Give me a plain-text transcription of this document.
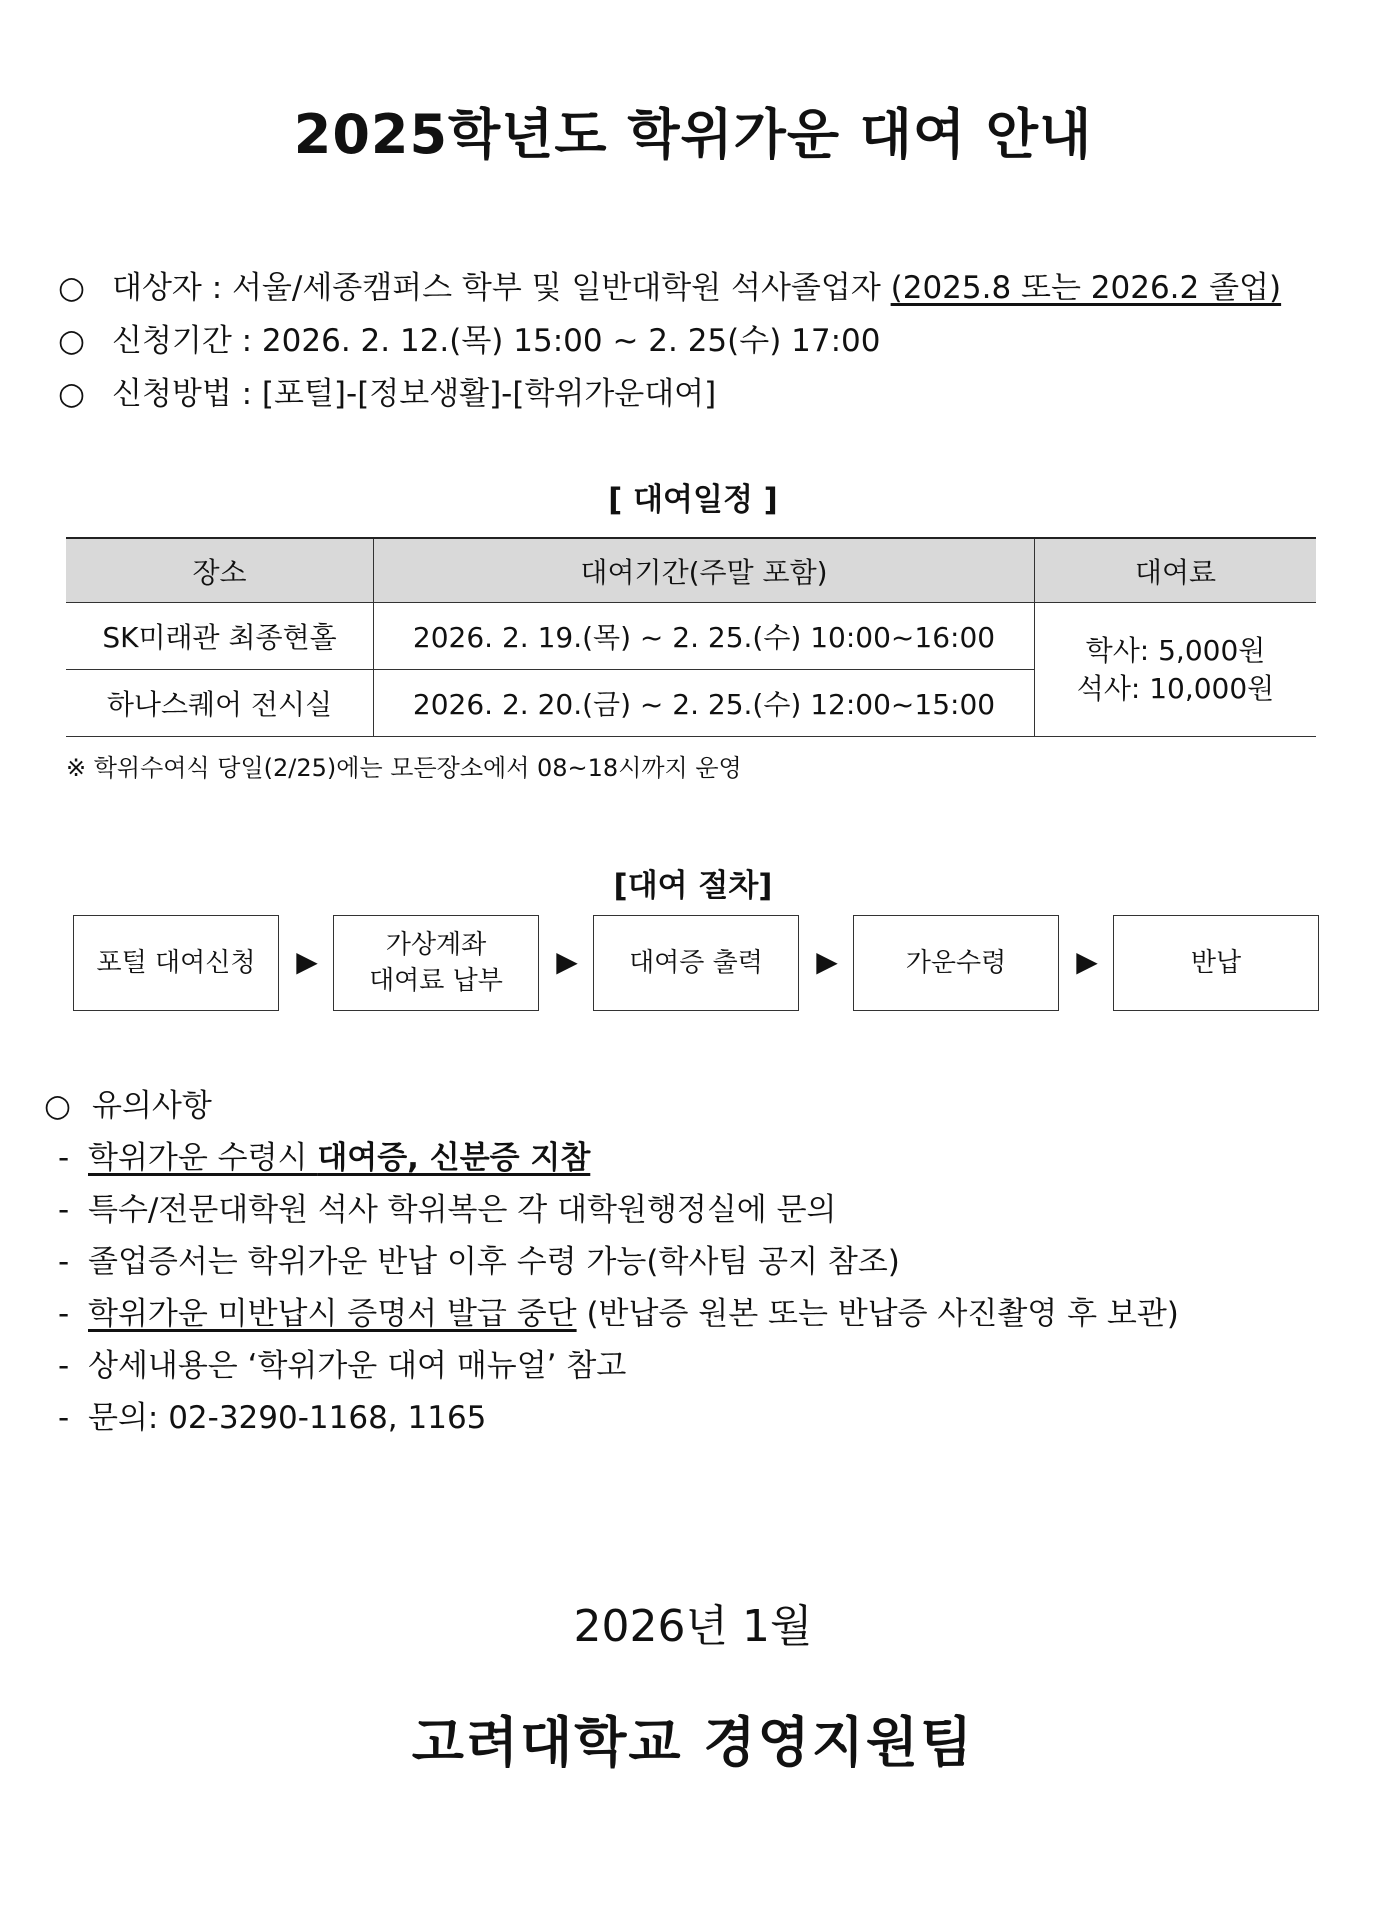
2025학년도 학위가운 대여 안내
○ 대상자 : 서울/세종캠퍼스 학부 및 일반대학원 석사졸업자 (2025.8 또는 2026.2 졸업)
○ 신청기간 : 2026. 2. 12.(목) 15:00 ~ 2. 25(수) 17:00
○ 신청방법 : [포털]-[정보생활]-[학위가운대여]
[ 대여일정 ]
장소	대여기간(주말 포함)	대여료
SK미래관 최종현홀	2026. 2. 19.(목) ~ 2. 25.(수) 10:00~16:00	학사: 5,000원
석사: 10,000원

하나스퀘어 전시실	2026. 2. 20.(금) ~ 2. 25.(수) 12:00~15:00	
※ 학위수여식 당일(2/25)에는 모든장소에서 08~18시까지 운영
[대여 절차]
포털 대여신청 ▶	가상계좌
대여료 납부
▶ 대여증 출력 ▶	가운수령 ▶	반납
○ 유의사항
- 학위가운 수령시 대여증, 신분증 지참
- 특수/전문대학원 석사 학위복은 각 대학원행정실에 문의
- 졸업증서는 학위가운 반납 이후 수령 가능(학사팀 공지 참조)
- 학위가운 미반납시 증명서 발급 중단 (반납증 원본 또는 반납증 사진촬영 후 보관)
- 상세내용은 ‘학위가운 대여 매뉴얼’ 참고
- 문의: 02-3290-1168, 1165
2026년 1월
고려대학교 경영지원팀
